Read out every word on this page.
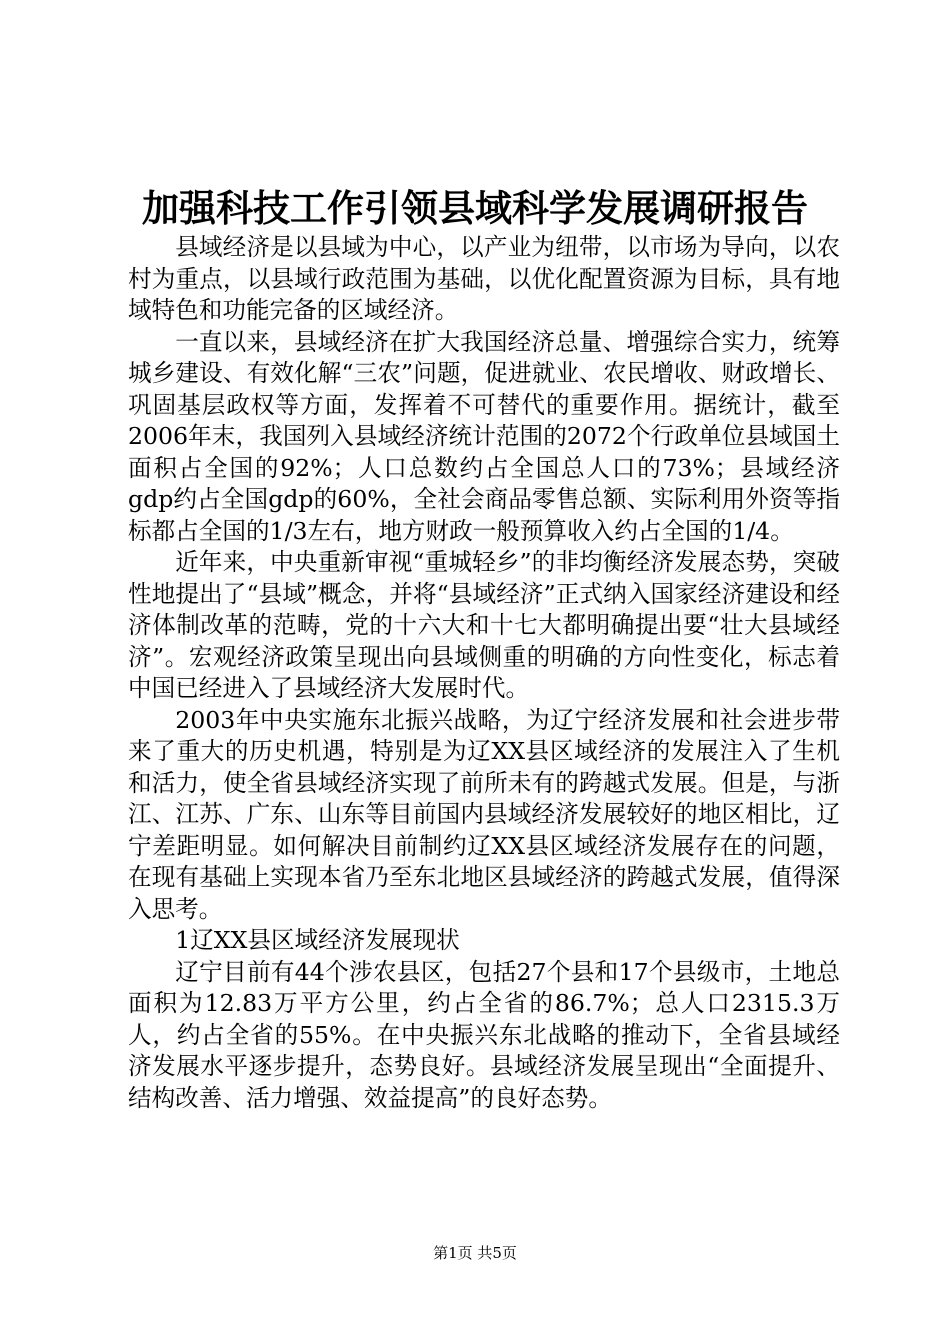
加强科技工作引领县域科学发展调研报告

县域经济是以县域为中心，以产业为纽带，以市场为导向，以农村为重点，以县域行政范围为基础，以优化配置资源为目标，具有地域特色和功能完备的区域经济。

一直以来，县域经济在扩大我国经济总量、增强综合实力，统筹城乡建设、有效化解“三农”问题，促进就业、农民增收、财政增长、巩固基层政权等方面，发挥着不可替代的重要作用。据统计，截至2006年末，我国列入县域经济统计范围的2072个行政单位县域国土面积占全国的92%；人口总数约占全国总人口的73%；县域经济gdp约占全国gdp的60%，全社会商品零售总额、实际利用外资等指标都占全国的1/3左右，地方财政一般预算收入约占全国的1/4。

近年来，中央重新审视“重城轻乡”的非均衡经济发展态势，突破性地提出了“县域”概念，并将“县域经济”正式纳入国家经济建设和经济体制改革的范畴，党的十六大和十七大都明确提出要“壮大县域经济”。宏观经济政策呈现出向县域侧重的明确的方向性变化，标志着中国已经进入了县域经济大发展时代。

2003年中央实施东北振兴战略，为辽宁经济发展和社会进步带来了重大的历史机遇，特别是为辽XX县区域经济的发展注入了生机和活力，使全省县域经济实现了前所未有的跨越式发展。但是，与浙江、江苏、广东、山东等目前国内县域经济发展较好的地区相比，辽宁差距明显。如何解决目前制约辽XX县区域经济发展存在的问题，在现有基础上实现本省乃至东北地区县域经济的跨越式发展，值得深入思考。

1辽XX县区域经济发展现状

辽宁目前有44个涉农县区，包括27个县和17个县级市，土地总面积为12.83万平方公里，约占全省的86.7%；总人口2315.3万人，约占全省的55%。在中央振兴东北战略的推动下，全省县域经济发展水平逐步提升，态势良好。县域经济发展呈现出“全面提升、结构改善、活力增强、效益提高”的良好态势。

第1页 共5页
